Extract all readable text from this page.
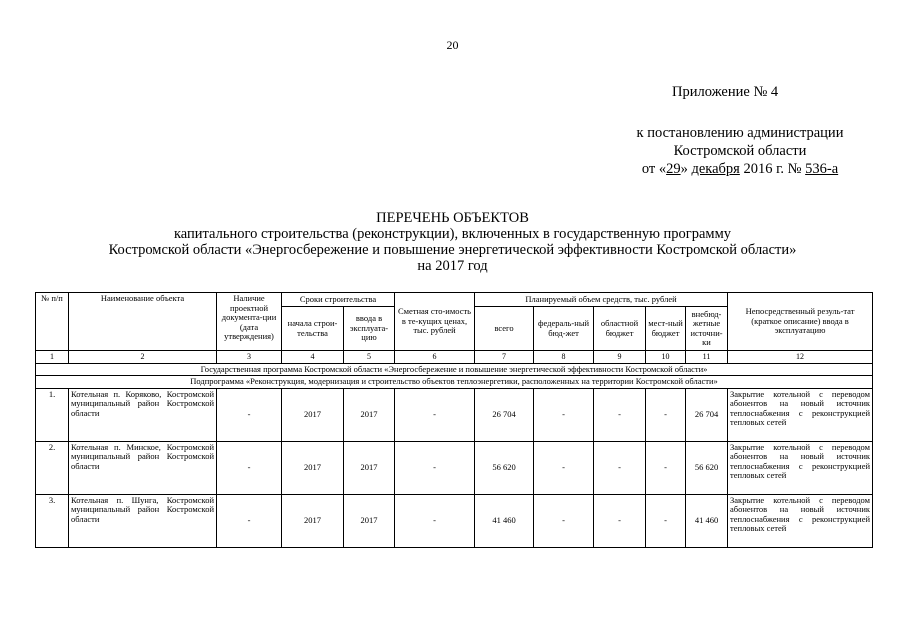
20
Приложение № 4
к постановлению администрации
Костромской области
от «29» декабря 2016 г. № 536-а
ПЕРЕЧЕНЬ ОБЪЕКТОВ
капитального строительства (реконструкции), включенных в государственную программу
Костромской области «Энергосбережение и повышение энергетической эффективности Костромской области»
на 2017 год
№ п/п	Наименование объекта	Наличие проектной документа-ции (дата утверждения)	Сроки строительства		Сметная сто-имость в те-кущих ценах, тыс. рублей	Планируемый объем средств, тыс. рублей					Непосредственный резуль-тат (краткое описание) ввода в эксплуатацию
			начала строи-тельства	ввода в эксплуата-цию		всего	федераль-ный бюд-жет	областной бюджет	мест-ный бюджет	внебюд-жетные источни-ки	
1	2	3	4	5	6	7	8	9	10	11	12
Государственная программа Костромской области «Энергосбережение и повышение энергетической эффективности Костромской области»											
Подпрограмма «Реконструкция, модернизация и строительство объектов теплоэнергетики, расположенных на территории Костромской области»											
1.	Котельная п. Коряково, Костромской муниципальный район Костромской области	-	2017	2017	-	26 704	-	-	-	26 704	Закрытие котельной с переводом абонентов на новый источник теплоснабжения с реконструкцией тепловых сетей
2.	Котельная п. Минское, Костромской муниципальный район Костромской области	-	2017	2017	-	56 620	-	-	-	56 620	Закрытие котельной с переводом абонентов на новый источник теплоснабжения с реконструкцией тепловых сетей
3.	Котельная п. Шунга, Костромской муниципальный район Костромской области	-	2017	2017	-	41 460	-	-	-	41 460	Закрытие котельной с переводом абонентов на новый источник теплоснабжения с реконструкцией тепловых сетей
